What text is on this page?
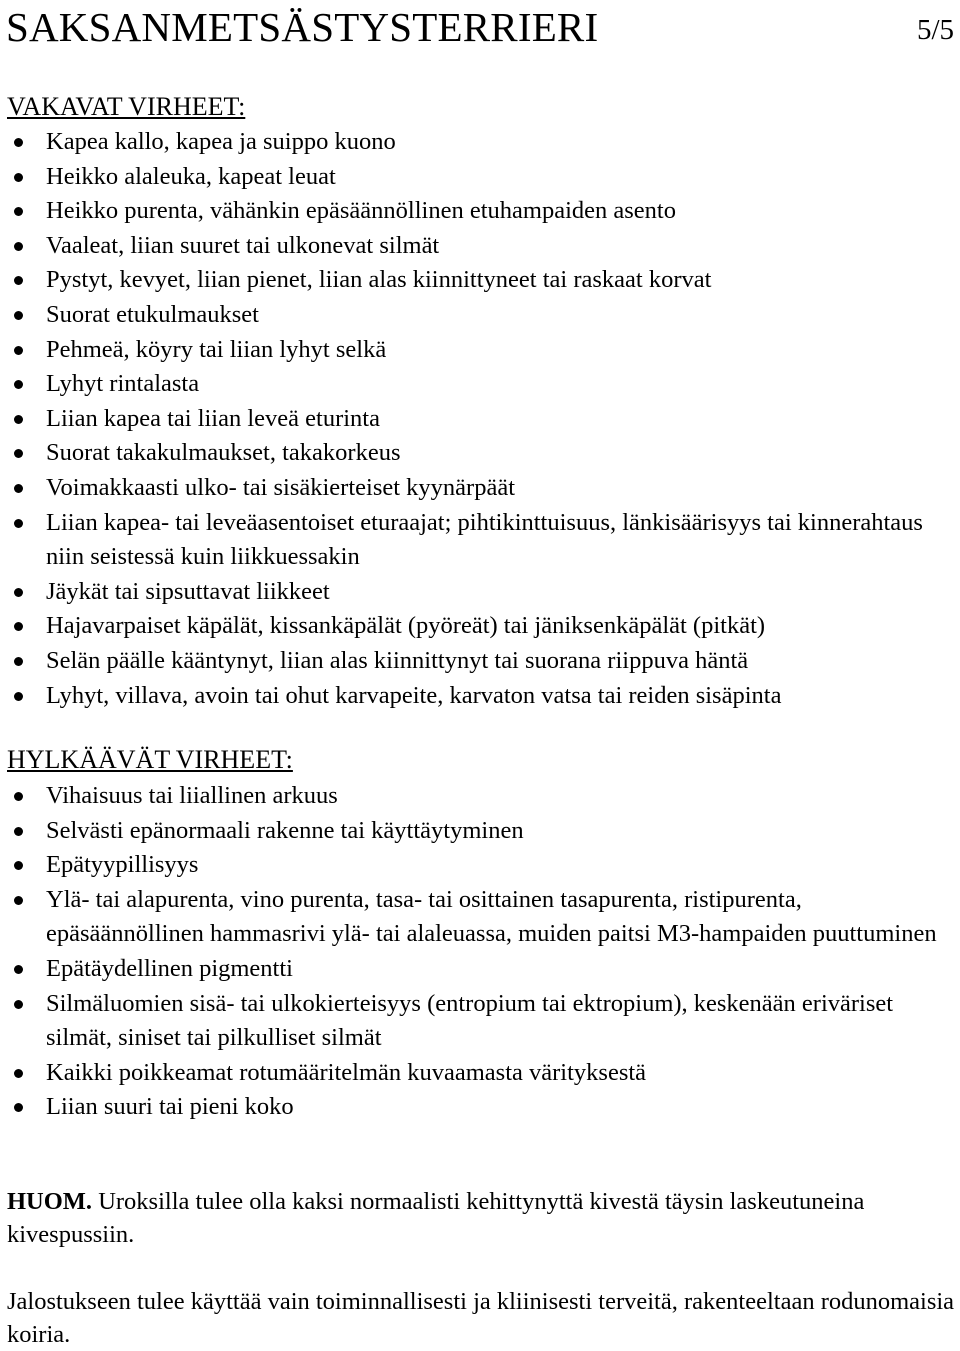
SAKSANMETSÄSTYSTERRIERI	5/5
VAKAVAT VIRHEET:
Kapea kallo, kapea ja suippo kuono
Heikko alaleuka, kapeat leuat
Heikko purenta, vähänkin epäsäännöllinen etuhampaiden asento
Vaaleat, liian suuret tai ulkonevat silmät
Pystyt, kevyet, liian pienet, liian alas kiinnittyneet tai raskaat korvat
Suorat etukulmaukset
Pehmeä, köyry tai liian lyhyt selkä
Lyhyt rintalasta
Liian kapea tai liian leveä eturinta
Suorat takakulmaukset, takakorkeus
Voimakkaasti ulko- tai sisäkierteiset kyynärpäät
Liian kapea- tai leveäasentoiset eturaajat; pihtikinttuisuus, länkisäärisyys tai kinnerahtaus niin seistessä kuin liikkuessakin
Jäykät tai sipsuttavat liikkeet
Hajavarpaiset käpälät, kissankäpälät (pyöreät) tai jäniksenkäpälät (pitkät)
Selän päälle kääntynyt, liian alas kiinnittynyt tai suorana riippuva häntä
Lyhyt, villava, avoin tai ohut karvapeite, karvaton vatsa tai reiden sisäpinta
HYLKÄÄVÄT VIRHEET:
Vihaisuus tai liiallinen arkuus
Selvästi epänormaali rakenne tai käyttäytyminen
Epätyypillisyys
Ylä- tai alapurenta, vino purenta, tasa- tai osittainen tasapurenta, ristipurenta, epäsäännöllinen hammasrivi ylä- tai alaleuassa, muiden paitsi M3-hampaiden puuttuminen
Epätäydellinen pigmentti
Silmäluomien sisä- tai ulkokierteisyys (entropium tai ektropium), keskenään eriväriset silmät, siniset tai pilkulliset silmät
Kaikki poikkeamat rotumääritelmän kuvaamasta värityksestä
Liian suuri tai pieni koko
HUOM. Uroksilla tulee olla kaksi normaalisti kehittynyttä kivestä täysin laskeutuneina kivespussiin.
Jalostukseen tulee käyttää vain toiminnallisesti ja kliinisesti terveitä, rakenteeltaan rodunomaisia koiria.
